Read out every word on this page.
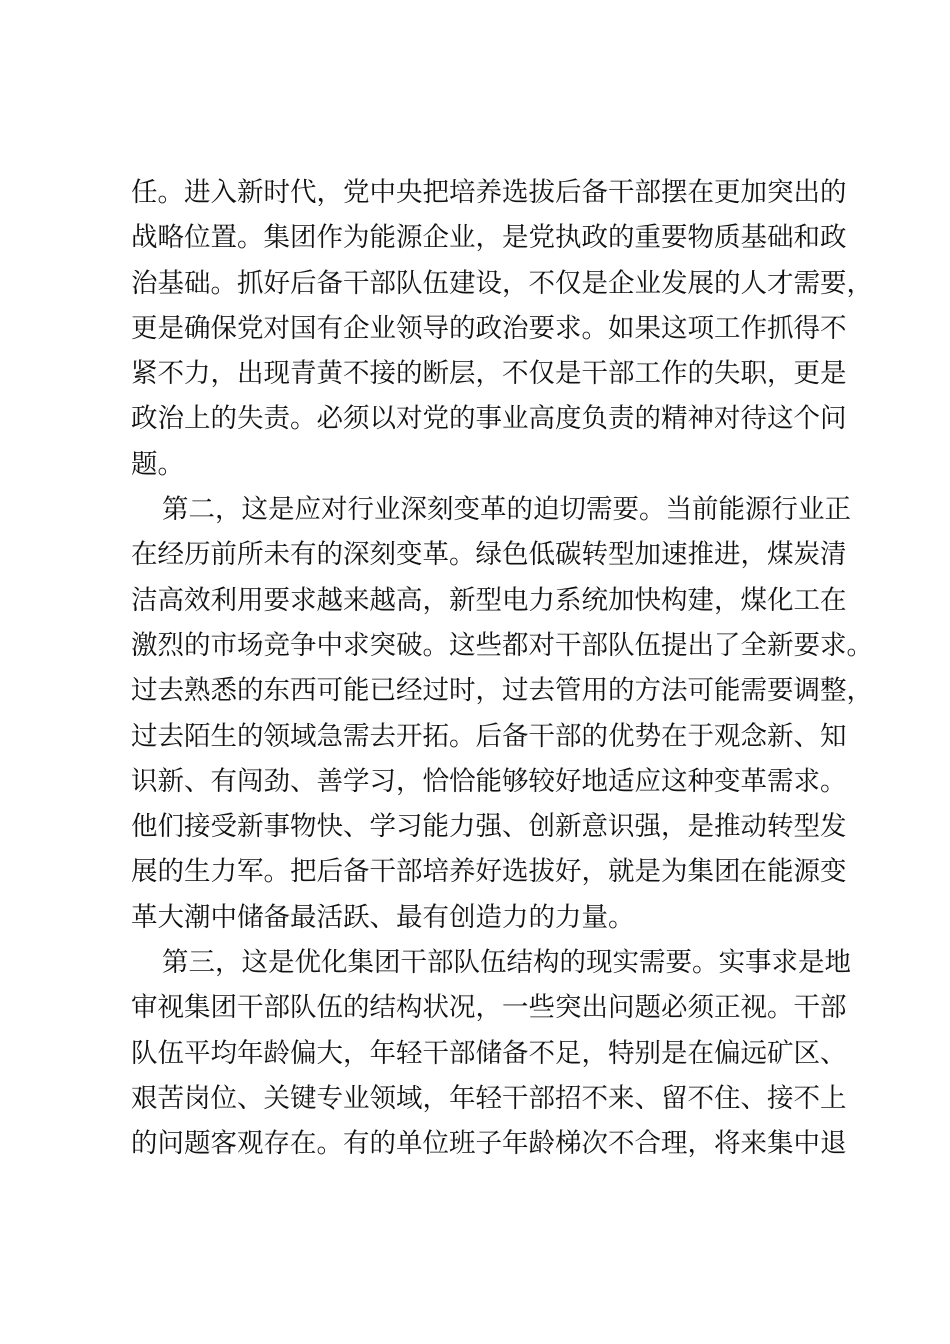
任。进入新时代，党中央把培养选拔后备干部摆在更加突出的
战略位置。集团作为能源企业，是党执政的重要物质基础和政
治基础。抓好后备干部队伍建设，不仅是企业发展的人才需要，
更是确保党对国有企业领导的政治要求。如果这项工作抓得不
紧不力，出现青黄不接的断层，不仅是干部工作的失职，更是
政治上的失责。必须以对党的事业高度负责的精神对待这个问
题。
第二，这是应对行业深刻变革的迫切需要。当前能源行业正
在经历前所未有的深刻变革。绿色低碳转型加速推进，煤炭清
洁高效利用要求越来越高，新型电力系统加快构建，煤化工在
激烈的市场竞争中求突破。这些都对干部队伍提出了全新要求。
过去熟悉的东西可能已经过时，过去管用的方法可能需要调整，
过去陌生的领域急需去开拓。后备干部的优势在于观念新、知
识新、有闯劲、善学习，恰恰能够较好地适应这种变革需求。
他们接受新事物快、学习能力强、创新意识强，是推动转型发
展的生力军。把后备干部培养好选拔好，就是为集团在能源变
革大潮中储备最活跃、最有创造力的力量。
第三，这是优化集团干部队伍结构的现实需要。实事求是地
审视集团干部队伍的结构状况，一些突出问题必须正视。干部
队伍平均年龄偏大，年轻干部储备不足，特别是在偏远矿区、
艰苦岗位、关键专业领域，年轻干部招不来、留不住、接不上
的问题客观存在。有的单位班子年龄梯次不合理，将来集中退
